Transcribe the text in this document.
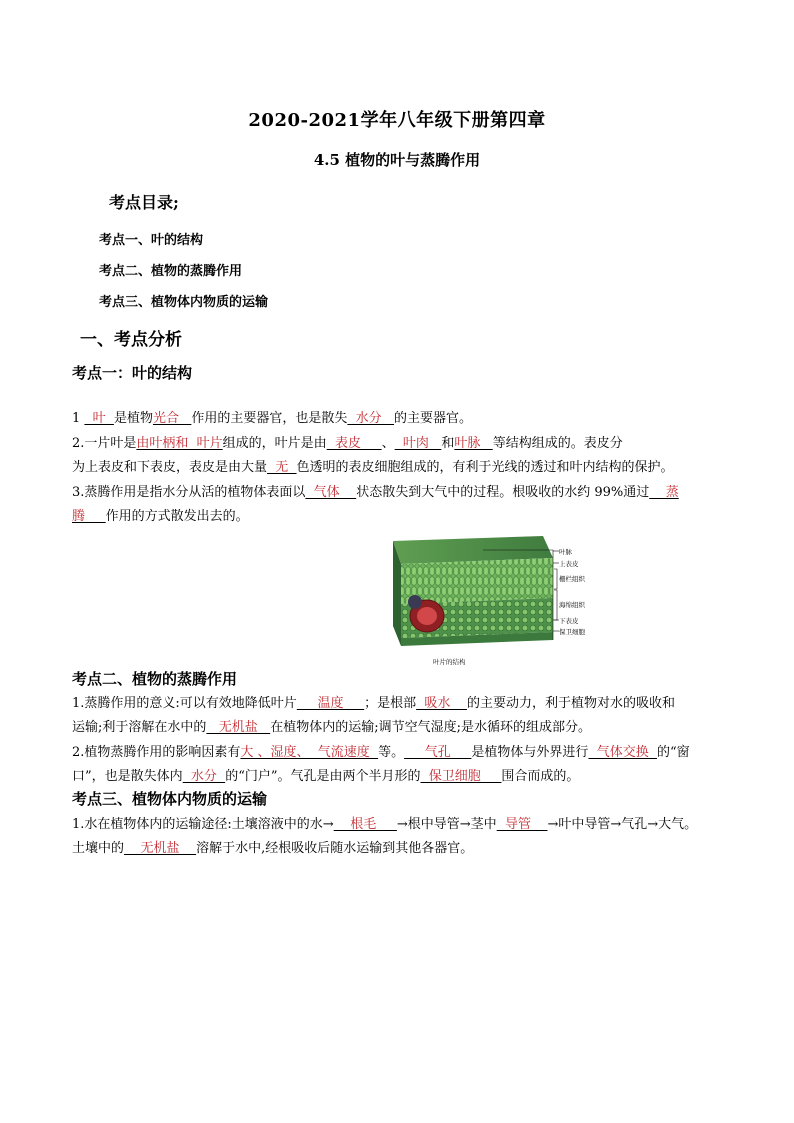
2020-2021学年八年级下册第四章
4.5 植物的叶与蒸腾作用
考点目录;
考点一、叶的结构
考点二、植物的蒸腾作用
考点三、植物体内物质的运输
一、考点分析
考点一：叶的结构
1   叶  是植物光合   作用的主要器官，也是散失  水分   的主要器官。
2.一片叶是由叶柄和  叶片组成的，叶片是由  表皮     、  叶肉   和叶脉   等结构组成的。表皮分
为上表皮和下表皮，表皮是由大量  无  色透明的表皮细胞组成的，有利于光线的透过和叶内结构的保护。
3.蒸腾作用是指水分从活的植物体表面以  气体    状态散失到大气中的过程。根吸收的水约 99%通过    蒸
腾     作用的方式散发出去的。
叶脉
上表皮
栅栏组织
海绵组织
下表皮
保卫细胞
叶片的结构
考点二、植物的蒸腾作用
1.蒸腾作用的意义:可以有效地降低叶片     温度     ；是根部  吸水    的主要动力，利于植物对水的吸收和
运输;利于溶解在水中的   无机盐   在植物体内的运输;调节空气湿度;是水循环的组成部分。
2.植物蒸腾作用的影响因素有大 、湿度、  气流速度  等。     气孔     是植物体与外界进行  气体交换  的“窗
口”，也是散失体内  水分  的“门户”。气孔是由两个半月形的  保卫细胞     围合而成的。
考点三、植物体内物质的运输
1.水在植物体内的运输途径:土壤溶液中的水→    根毛     →根中导管→茎中  导管    →叶中导管→气孔→大气。
土壤中的    无机盐    溶解于水中,经根吸收后随水运输到其他各器官。
